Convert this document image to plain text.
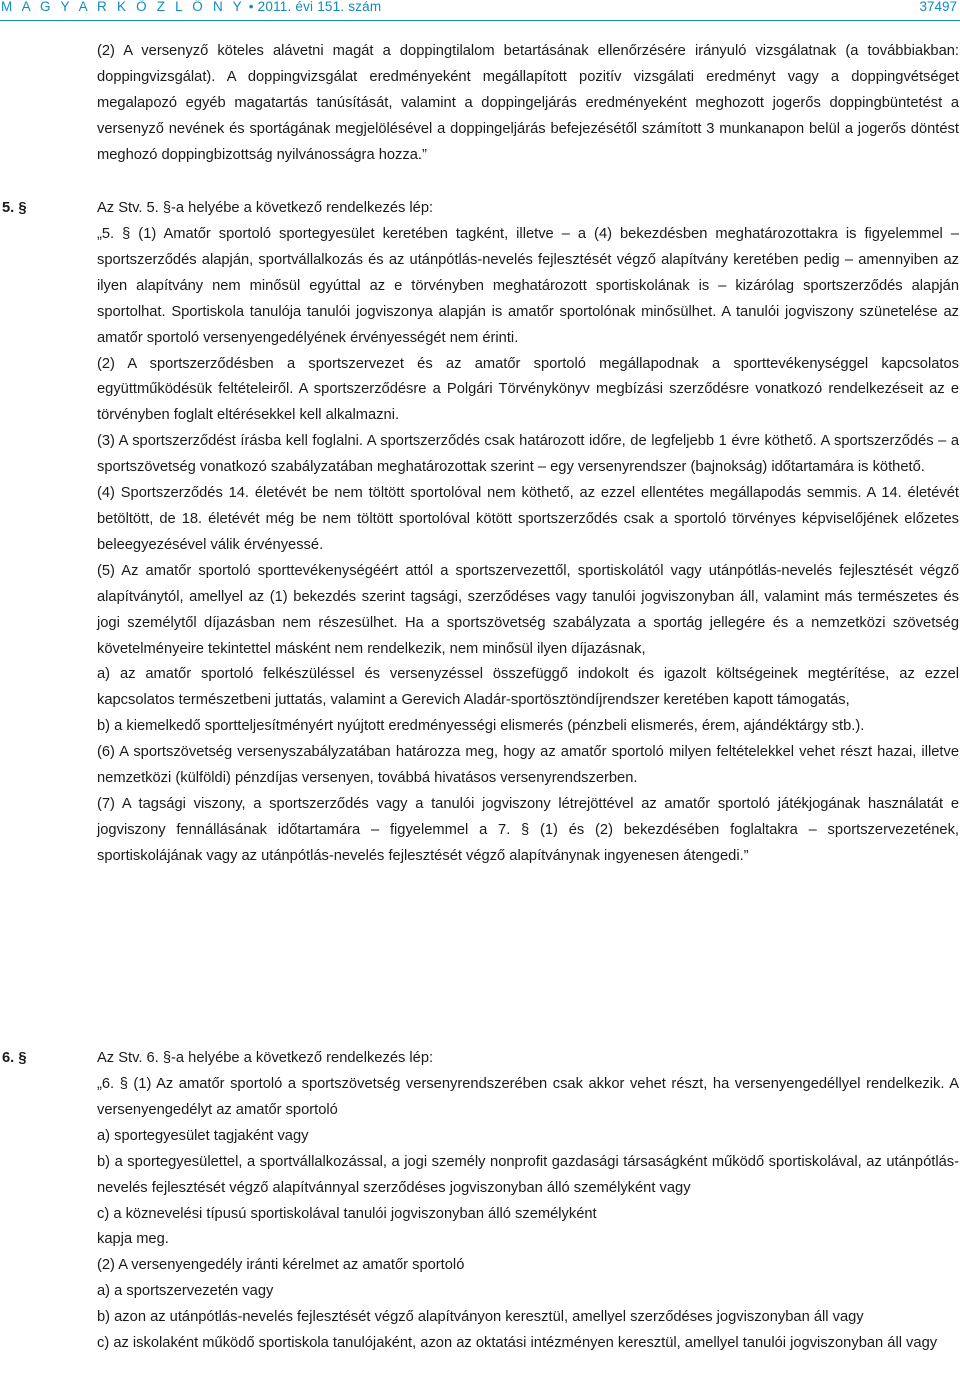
M A G Y A R K Ö Z L Ö N Y • 2011. évi 151. szám	37497

(2) A versenyző köteles alávetni magát a doppingtilalom betartásának ellenőrzésére irányuló vizsgálatnak (a továbbiakban: doppingvizsgálat). A doppingvizsgálat eredményeként megállapított pozitív vizsgálati eredményt vagy a doppingvétséget megalapozó egyéb magatartás tanúsítását, valamint a doppingeljárás eredményeként meghozott jogerős doppingbüntetést a versenyző nevének és sportágának megjelölésével a doppingeljárás befejezésétől számított 3 munkanapon belül a jogerős döntést meghozó doppingbizottság nyilvánosságra hozza.”

5. §	Az Stv. 5. §-a helyébe a következő rendelkezés lép:

„5. § (1) Amatőr sportoló sportegyesület keretében tagként, illetve – a (4) bekezdésben meghatározottakra is figyelemmel – sportszerződés alapján, sportvállalkozás és az utánpótlás-nevelés fejlesztését végző alapítvány keretében pedig – amennyiben az ilyen alapítvány nem minősül egyúttal az e törvényben meghatározott sportiskolának is – kizárólag sportszerződés alapján sportolhat. Sportiskola tanulója tanulói jogviszonya alapján is amatőr sportolónak minősülhet. A tanulói jogviszony szünetelése az amatőr sportoló versenyengedélyének érvényességét nem érinti.

(2) A sportszerződésben a sportszervezet és az amatőr sportoló megállapodnak a sporttevékenységgel kapcsolatos együttműködésük feltételeiről. A sportszerződésre a Polgári Törvénykönyv megbízási szerződésre vonatkozó rendelkezéseit az e törvényben foglalt eltérésekkel kell alkalmazni.

(3) A sportszerződést írásba kell foglalni. A sportszerződés csak határozott időre, de legfeljebb 1 évre köthető. A sportszerződés – a sportszövetség vonatkozó szabályzatában meghatározottak szerint – egy versenyrendszer (bajnokság) időtartamára is köthető.

(4) Sportszerződés 14. életévét be nem töltött sportolóval nem köthető, az ezzel ellentétes megállapodás semmis. A 14. életévét betöltött, de 18. életévét még be nem töltött sportolóval kötött sportszerződés csak a sportoló törvényes képviselőjének előzetes beleegyezésével válik érvényessé.

(5) Az amatőr sportoló sporttevékenységéért attól a sportszervezettől, sportiskolától vagy utánpótlás-nevelés fejlesztését végző alapítványtól, amellyel az (1) bekezdés szerint tagsági, szerződéses vagy tanulói jogviszonyban áll, valamint más természetes és jogi személytől díjazásban nem részesülhet. Ha a sportszövetség szabályzata a sportág jellegére és a nemzetközi szövetség követelményeire tekintettel másként nem rendelkezik, nem minősül ilyen díjazásnak,

a) az amatőr sportoló felkészüléssel és versenyzéssel összefüggő indokolt és igazolt költségeinek megtérítése, az ezzel kapcsolatos természetbeni juttatás, valamint a Gerevich Aladár-sportösztöndíjrendszer keretében kapott támogatás,

b) a kiemelkedő sportteljesítményért nyújtott eredményességi elismerés (pénzbeli elismerés, érem, ajándéktárgy stb.).

(6) A sportszövetség versenyszabályzatában határozza meg, hogy az amatőr sportoló milyen feltételekkel vehet részt hazai, illetve nemzetközi (külföldi) pénzdíjas versenyen, továbbá hivatásos versenyrendszerben.

(7) A tagsági viszony, a sportszerződés vagy a tanulói jogviszony létrejöttével az amatőr sportoló játékjogának használatát e jogviszony fennállásának időtartamára – figyelemmel a 7. § (1) és (2) bekezdésében foglaltakra – sportszervezetének, sportiskolájának vagy az utánpótlás-nevelés fejlesztését végző alapítványnak ingyenesen átengedi.”

6. §	Az Stv. 6. §-a helyébe a következő rendelkezés lép:

„6. § (1) Az amatőr sportoló a sportszövetség versenyrendszerében csak akkor vehet részt, ha versenyengedéllyel rendelkezik. A versenyengedélyt az amatőr sportoló

a) sportegyesület tagjaként vagy

b) a sportegyesülettel, a sportvállalkozással, a jogi személy nonprofit gazdasági társaságként működő sportiskolával, az utánpótlás-nevelés fejlesztését végző alapítvánnyal szerződéses jogviszonyban álló személyként vagy

c) a köznevelési típusú sportiskolával tanulói jogviszonyban álló személyként

kapja meg.

(2) A versenyengedély iránti kérelmet az amatőr sportoló

a) a sportszervezetén vagy

b) azon az utánpótlás-nevelés fejlesztését végző alapítványon keresztül, amellyel szerződéses jogviszonyban áll vagy

c) az iskolaként működő sportiskola tanulójaként, azon az oktatási intézményen keresztül, amellyel tanulói jogviszonyban áll vagy
